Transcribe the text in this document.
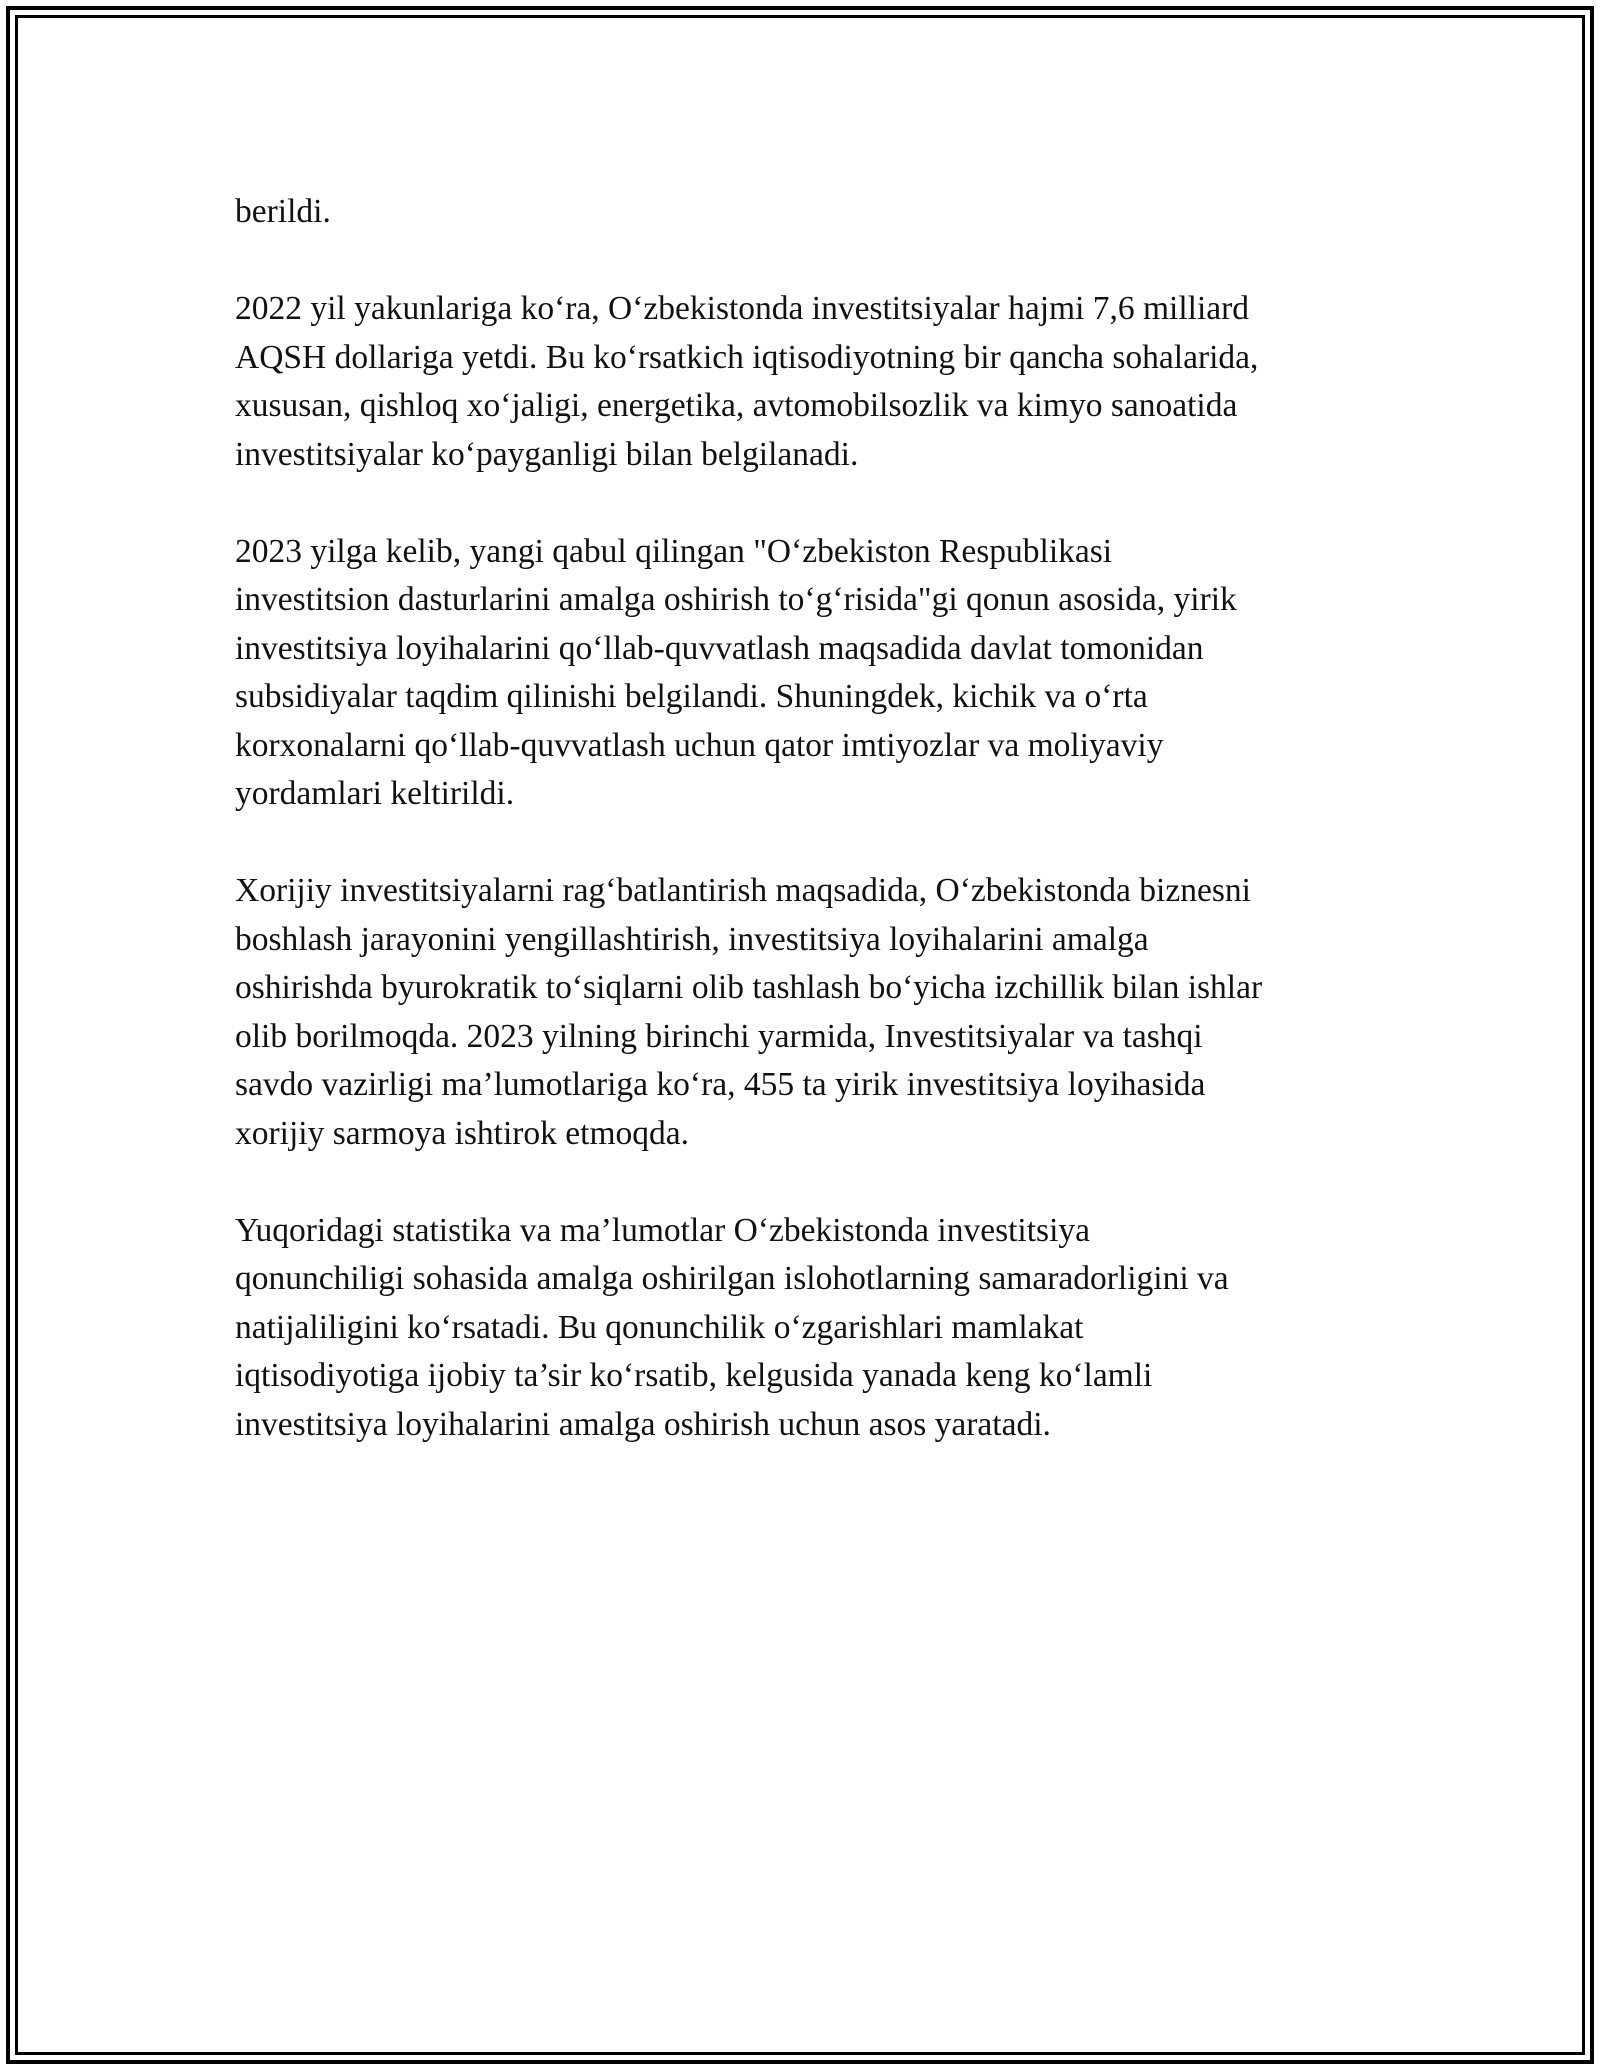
berildi.

2022 yil yakunlariga ko‘ra, O‘zbekistonda investitsiyalar hajmi 7,6 milliard
AQSH dollariga yetdi. Bu ko‘rsatkich iqtisodiyotning bir qancha sohalarida,
xususan, qishloq xo‘jaligi, energetika, avtomobilsozlik va kimyo sanoatida
investitsiyalar ko‘payganligi bilan belgilanadi.

2023 yilga kelib, yangi qabul qilingan "O‘zbekiston Respublikasi
investitsion dasturlarini amalga oshirish to‘g‘risida"gi qonun asosida, yirik
investitsiya loyihalarini qo‘llab-quvvatlash maqsadida davlat tomonidan
subsidiyalar taqdim qilinishi belgilandi. Shuningdek, kichik va o‘rta
korxonalarni qo‘llab-quvvatlash uchun qator imtiyozlar va moliyaviy
yordamlari keltirildi.

Xorijiy investitsiyalarni rag‘batlantirish maqsadida, O‘zbekistonda biznesni
boshlash jarayonini yengillashtirish, investitsiya loyihalarini amalga
oshirishda byurokratik to‘siqlarni olib tashlash bo‘yicha izchillik bilan ishlar
olib borilmoqda. 2023 yilning birinchi yarmida, Investitsiyalar va tashqi
savdo vazirligi ma’lumotlariga ko‘ra, 455 ta yirik investitsiya loyihasida
xorijiy sarmoya ishtirok etmoqda.

Yuqoridagi statistika va ma’lumotlar O‘zbekistonda investitsiya
qonunchiligi sohasida amalga oshirilgan islohotlarning samaradorligini va
natijaliligini ko‘rsatadi. Bu qonunchilik o‘zgarishlari mamlakat
iqtisodiyotiga ijobiy ta’sir ko‘rsatib, kelgusida yanada keng ko‘lamli
investitsiya loyihalarini amalga oshirish uchun asos yaratadi.
